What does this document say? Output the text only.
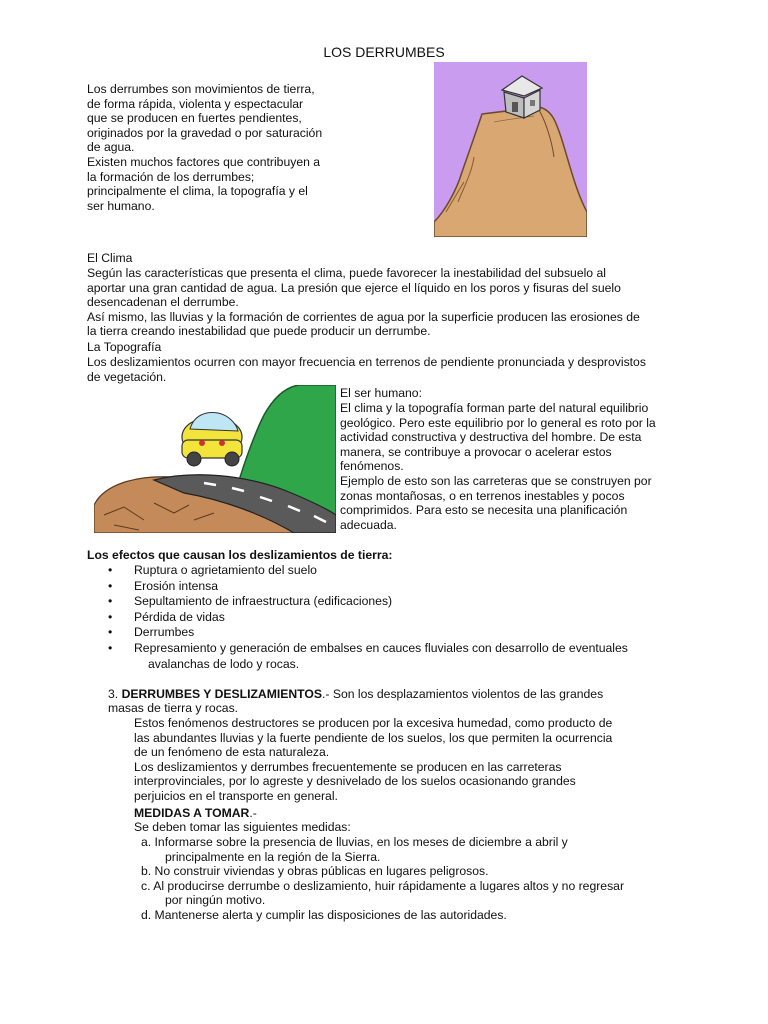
LOS DERRUMBES

Los derrumbes son movimientos de tierra,
de forma rápida, violenta y espectacular
que se producen en fuertes pendientes,
originados por la gravedad o por saturación
de agua.
Existen muchos factores que contribuyen a
la formación de los derrumbes;
principalmente el clima, la topografía y el
ser humano.

El Clima

Según las características que presenta el clima, puede favorecer la inestabilidad del subsuelo al
aportar una gran cantidad de agua. La presión que ejerce el líquido en los poros y fisuras del suelo
desencadenan el derrumbe.
Así mismo, las lluvias y la formación de corrientes de agua por la superficie producen las erosiones de
la tierra creando inestabilidad que puede producir un derrumbe.

La Topografía

Los deslizamientos ocurren con mayor frecuencia en terrenos de pendiente pronunciada y desprovistos
de vegetación.

El ser humano:

El clima y la topografía forman parte del natural equilibrio
geológico. Pero este equilibrio por lo general es roto por la
actividad constructiva y destructiva del hombre. De esta
manera, se contribuye a provocar o acelerar estos
fenómenos.
Ejemplo de esto son las carreteras que se construyen por
zonas montañosas, o en terrenos inestables y pocos
comprimidos. Para esto se necesita una planificación
adecuada.

Los efectos que causan los deslizamientos de tierra:

• Ruptura o agrietamiento del suelo
• Erosión intensa
• Sepultamiento de infraestructura (edificaciones)
• Pérdida de vidas
• Derrumbes
• Represamiento y generación de embalses en cauces fluviales con desarrollo de eventuales
avalanchas de lodo y rocas.

3. DERRUMBES Y DESLIZAMIENTOS.- Son los desplazamientos violentos de las grandes

masas de tierra y rocas.

Estos fenómenos destructores se producen por la excesiva humedad, como producto de
las abundantes lluvias y la fuerte pendiente de los suelos, los que permiten la ocurrencia
de un fenómeno de esta naturaleza.
Los deslizamientos y derrumbes frecuentemente se producen en las carreteras
interprovinciales, por lo agreste y desnivelado de los suelos ocasionando grandes
perjuicios en el transporte en general.

MEDIDAS A TOMAR.-

Se deben tomar las siguientes medidas:

a. Informarse sobre la presencia de lluvias, en los meses de diciembre a abril y
principalmente en la región de la Sierra.
b. No construir viviendas y obras públicas en lugares peligrosos.
c. Al producirse derrumbe o deslizamiento, huir rápidamente a lugares altos y no regresar
por ningún motivo.
d. Mantenerse alerta y cumplir las disposiciones de las autoridades.
